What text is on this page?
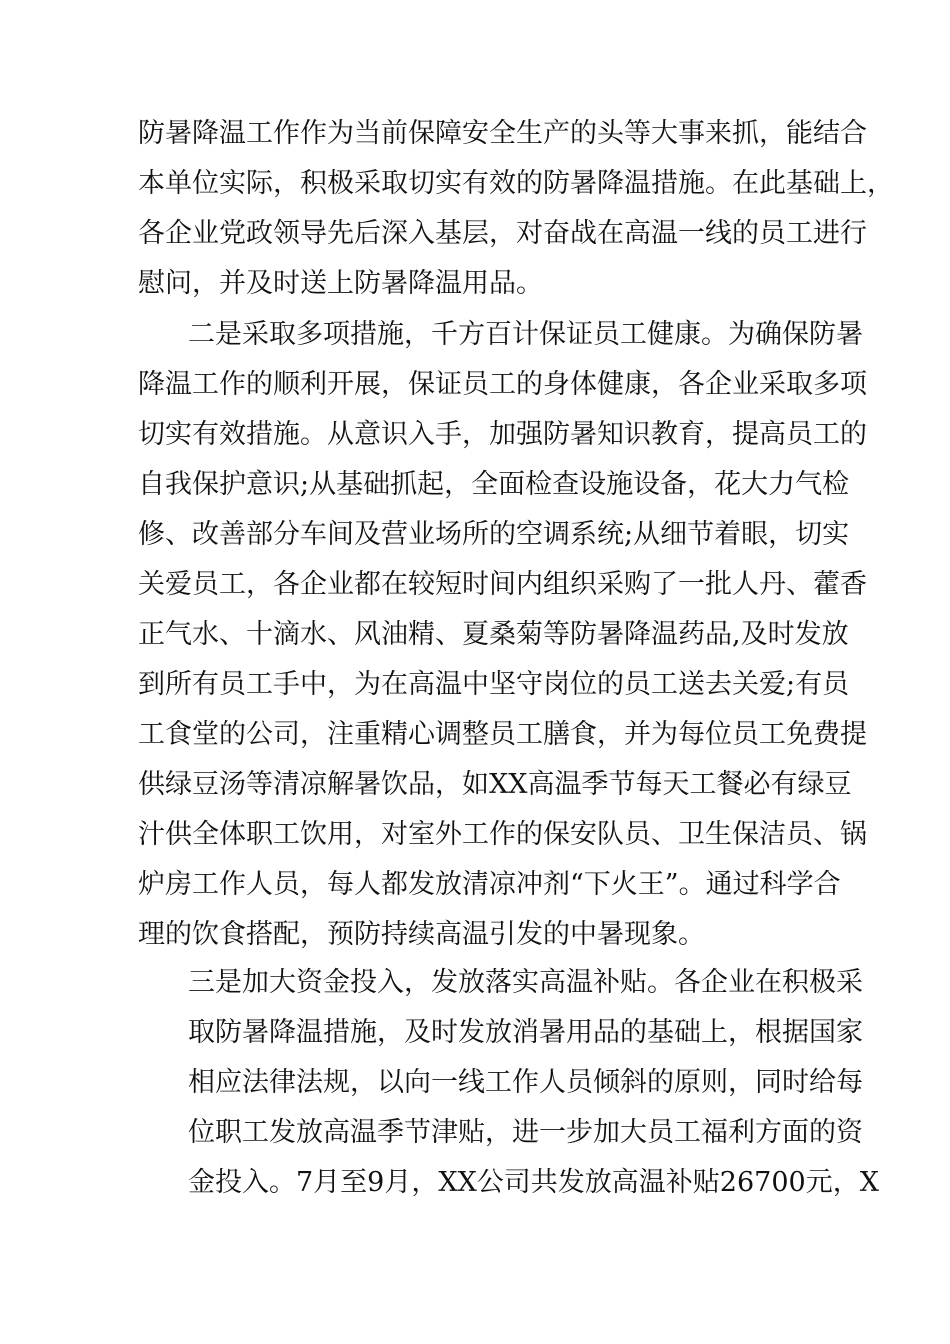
防暑降温工作作为当前保障安全生产的头等大事来抓，能结合
本单位实际，积极采取切实有效的防暑降温措施。在此基础上，
各企业党政领导先后深入基层，对奋战在高温一线的员工进行
慰问，并及时送上防暑降温用品。
二是采取多项措施，千方百计保证员工健康。为确保防暑
降温工作的顺利开展，保证员工的身体健康，各企业采取多项
切实有效措施。从意识入手，加强防暑知识教育，提高员工的
自我保护意识;从基础抓起，全面检查设施设备，花大力气检
修、改善部分车间及营业场所的空调系统;从细节着眼，切实
关爱员工，各企业都在较短时间内组织采购了一批人丹、藿香
正气水、十滴水、风油精、夏桑菊等防暑降温药品,及时发放
到所有员工手中，为在高温中坚守岗位的员工送去关爱;有员
工食堂的公司，注重精心调整员工膳食，并为每位员工免费提
供绿豆汤等清凉解暑饮品，如XX高温季节每天工餐必有绿豆
汁供全体职工饮用，对室外工作的保安队员、卫生保洁员、锅
炉房工作人员，每人都发放清凉冲剂“下火王”。通过科学合
理的饮食搭配，预防持续高温引发的中暑现象。
三是加大资金投入，发放落实高温补贴。各企业在积极采
取防暑降温措施，及时发放消暑用品的基础上，根据国家
相应法律法规，以向一线工作人员倾斜的原则，同时给每
位职工发放高温季节津贴，进一步加大员工福利方面的资
金投入。7月至9月，XX公司共发放高温补贴26700元，X
